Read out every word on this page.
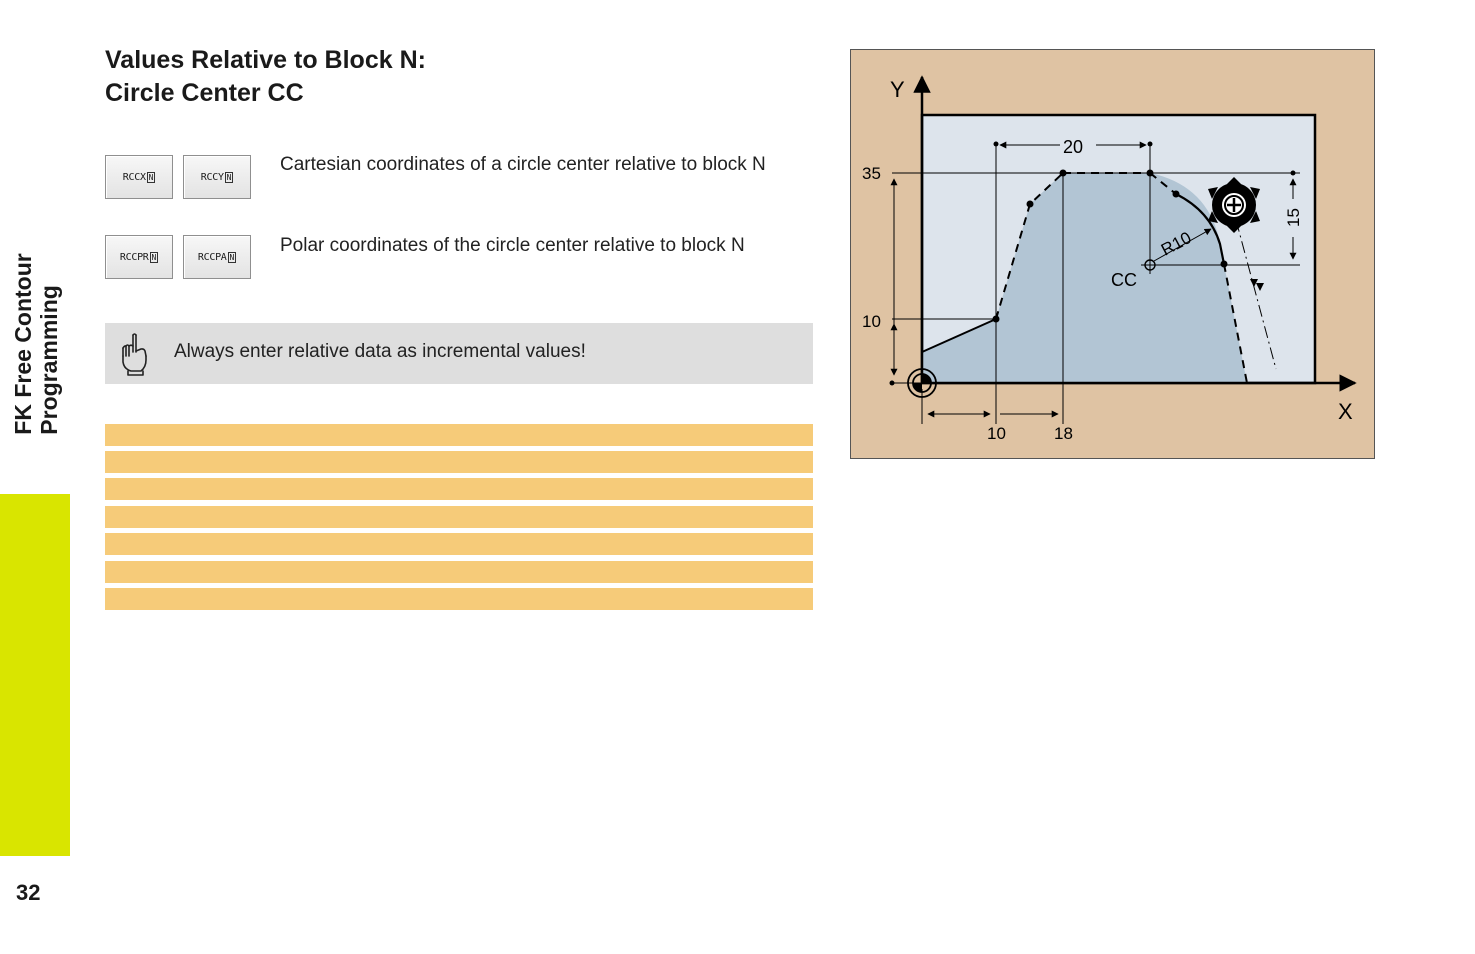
FK Free Contour Programming
32
Values Relative to Block N:
Circle Center CC
RCCX N	RCCY N
Cartesian coordinates of a circle center relative to block N
RCCPR N	RCCPA N
Polar coordinates of the circle center relative to block N
Always enter relative data as incremental values!
Y
X
20
35
10
10	18
15
CC
R10
